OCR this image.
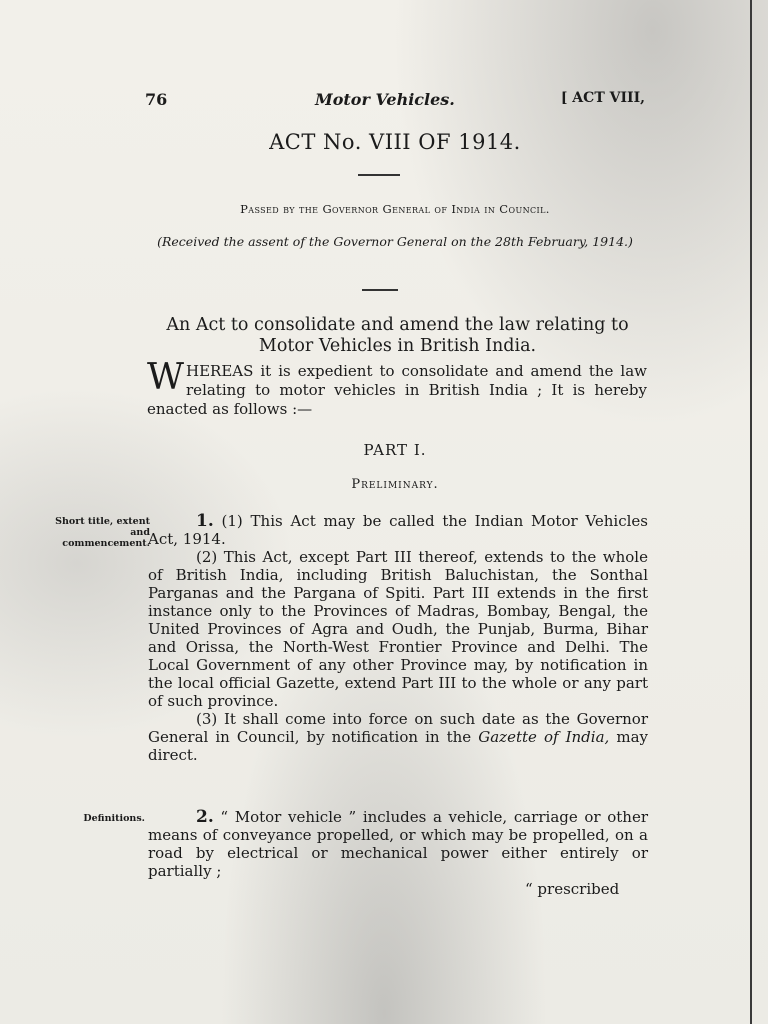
76	Motor Vehicles.	[ ACT VIII,
ACT No. VIII OF 1914.
Passed by the Governor General of India in Council.
(Received the assent of the Governor General on the 28th February, 1914.)
An Act to consolidate and amend the law relating to Motor Vehicles in British India.
WHEREAS it is expedient to consolidate and amend the law relating to motor vehicles in British India ; It is hereby enacted as follows :—
PART I.
Preliminary.
Short title, extent and commencement.

1. (1) This Act may be called the Indian Motor Vehicles Act, 1914.

(2) This Act, except Part III thereof, extends to the whole of British India, including British Baluchistan, the Sonthal Parganas and the Pargana of Spiti. Part III extends in the first instance only to the Provinces of Madras, Bombay, Bengal, the United Provinces of Agra and Oudh, the Punjab, Burma, Bihar and Orissa, the North-West Frontier Province and Delhi. The Local Government of any other Province may, by notification in the local official Gazette, extend Part III to the whole or any part of such province.

(3) It shall come into force on such date as the Governor General in Council, by notification in the Gazette of India, may direct.

Definitions.	2. “ Motor vehicle ” includes a vehicle, carriage or other means of conveyance propelled, or which may be propelled, on a road by electrical or mechanical power either entirely or partially ;

“ prescribed
